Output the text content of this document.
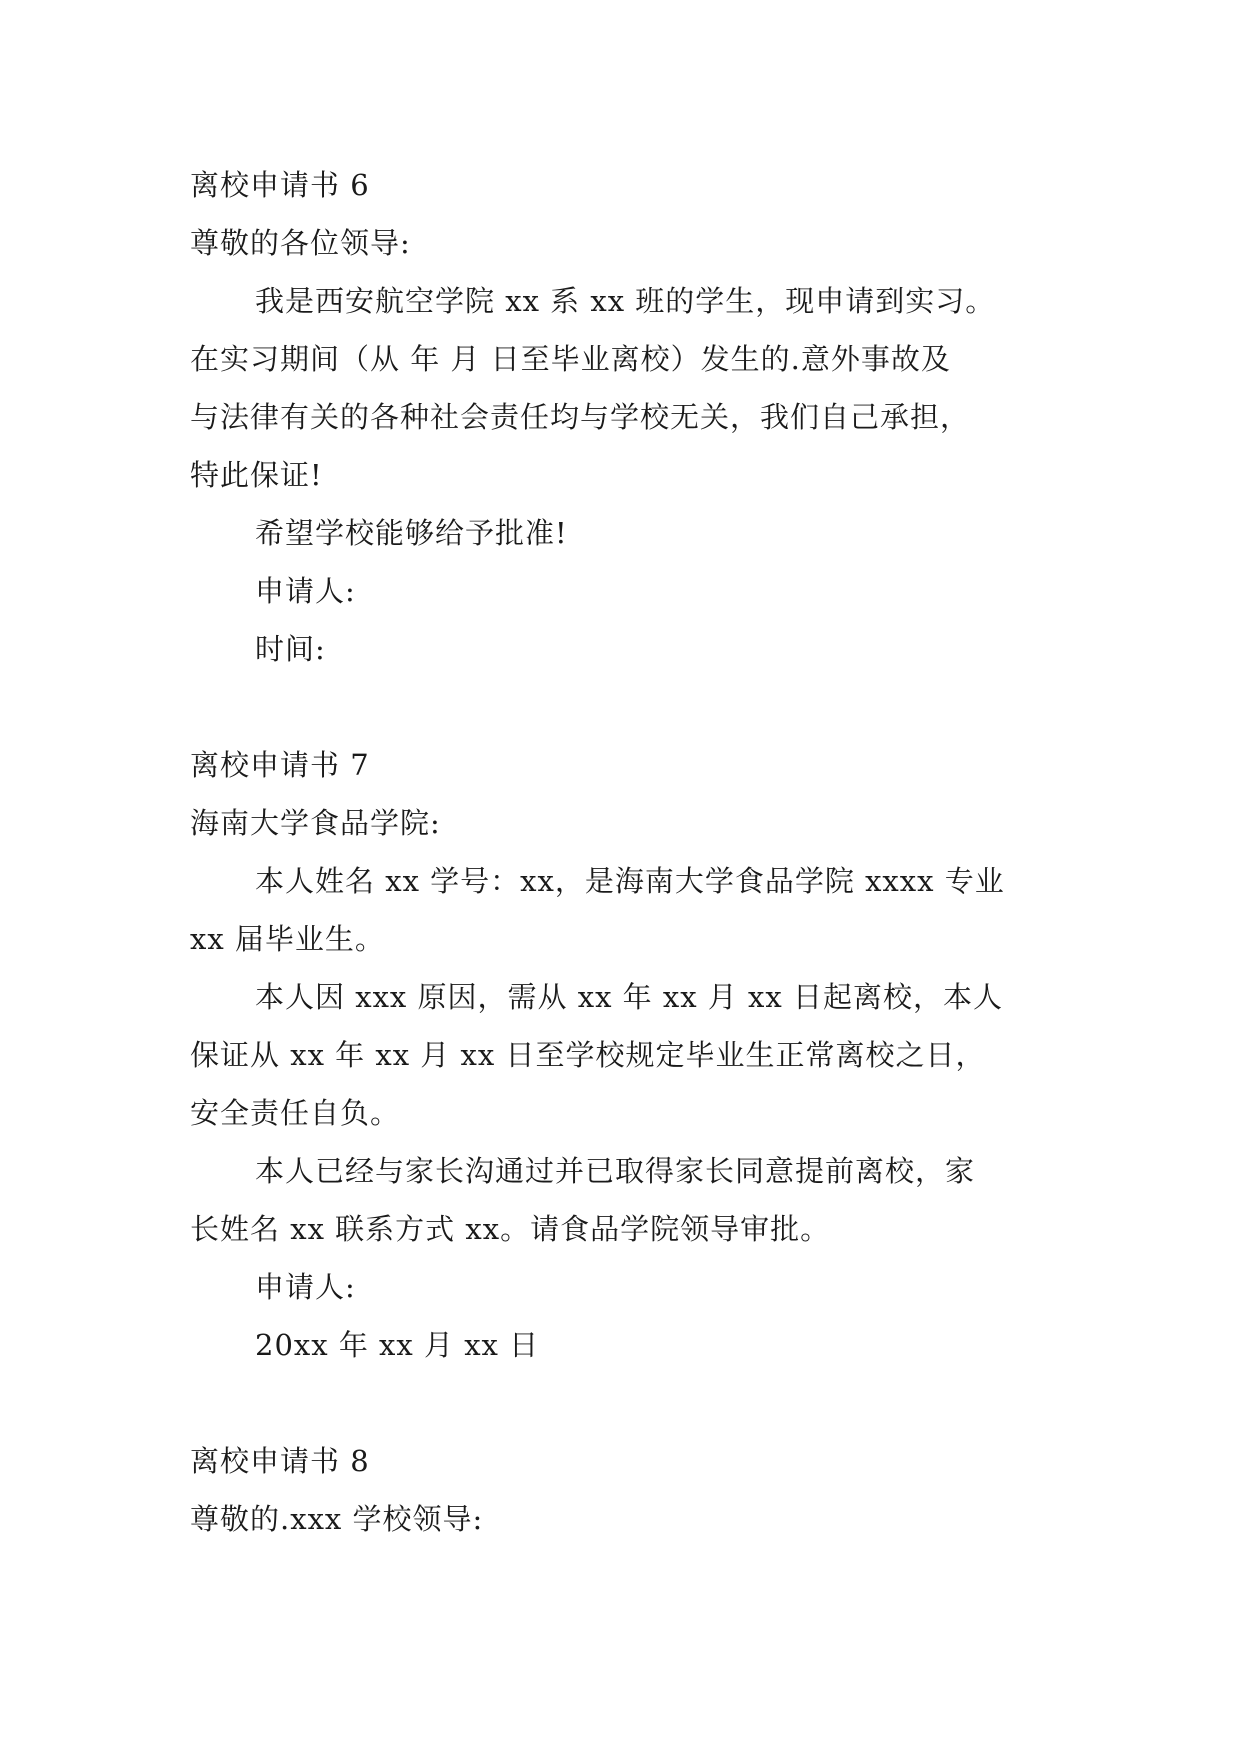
离校申请书 6
尊敬的各位领导:
我是西安航空学院 xx 系 xx 班的学生，现申请到实习。
在实习期间（从 年 月 日至毕业离校）发生的.意外事故及
与法律有关的各种社会责任均与学校无关，我们自己承担，
特此保证!
希望学校能够给予批准!
申请人:
时间:
离校申请书 7
海南大学食品学院:
本人姓名 xx 学号：xx，是海南大学食品学院 xxxx 专业
xx 届毕业生。
本人因 xxx 原因，需从 xx 年 xx 月 xx 日起离校，本人
保证从 xx 年 xx 月 xx 日至学校规定毕业生正常离校之日，
安全责任自负。
本人已经与家长沟通过并已取得家长同意提前离校，家
长姓名 xx 联系方式 xx。请食品学院领导审批。
申请人:
20xx 年 xx 月 xx 日
离校申请书 8
尊敬的.xxx 学校领导:
